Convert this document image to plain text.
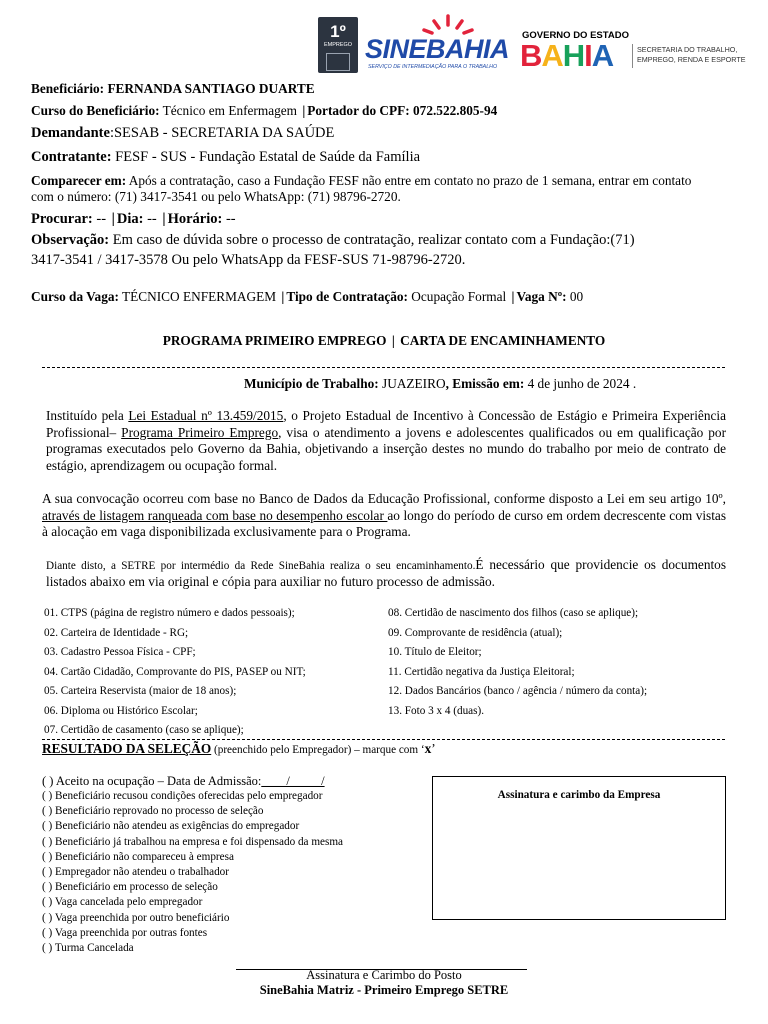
1º
EMPREGO SINEBAHIA
SERVIÇO DE INTERMEDIAÇÃO PARA O TRABALHO
GOVERNO DO ESTADO
BAHIA	SECRETARIA DO TRABALHO,
EMPREGO, RENDA E ESPORTE
Beneficiário: FERNANDA SANTIAGO DUARTE
Curso do Beneficiário: Técnico em Enfermagem | Portador do CPF: 072.522.805-94
Demandante:SESAB - SECRETARIA DA SAÚDE
Contratante: FESF - SUS - Fundação Estatal de Saúde da Família
Comparecer em: Após a contratação, caso a Fundação FESF não entre em contato no prazo de 1 semana, entrar em contato
com o número: (71) 3417-3541 ou pelo WhatsApp: (71) 98796-2720.
Procurar: -- | Dia: -- | Horário: --
Observação: Em caso de dúvida sobre o processo de contratação, realizar contato com a Fundação:(71)
3417-3541 / 3417-3578 Ou pelo WhatsApp da FESF-SUS 71-98796-2720.
Curso da Vaga: TÉCNICO ENFERMAGEM | Tipo de Contratação: Ocupação Formal | Vaga Nº: 00
PROGRAMA PRIMEIRO EMPREGO | CARTA DE ENCAMINHAMENTO
Município de Trabalho: JUAZEIRO, Emissão em: 4 de junho de 2024 .
Instituído pela Lei Estadual nº 13.459/2015, o Projeto Estadual de Incentivo à Concessão de Estágio e Primeira Experiência Profissional– Programa Primeiro Emprego, visa o atendimento a jovens e adolescentes qualificados ou em qualificação por programas executados pelo Governo da Bahia, objetivando a inserção destes no mundo do trabalho por meio de contrato de estágio, aprendizagem ou ocupação formal.
A sua convocação ocorreu com base no Banco de Dados da Educação Profissional, conforme disposto a Lei em seu artigo 10º, através de listagem ranqueada com base no desempenho escolar ao longo do período de curso em ordem decrescente com vistas à alocação em vaga disponibilizada exclusivamente para o Programa.
Diante disto, a SETRE por intermédio da Rede SineBahia realiza o seu encaminhamento.É necessário que providencie os documentos listados abaixo em via original e cópia para auxiliar no futuro processo de admissão.
01. CTPS (página de registro número e dados pessoais);
02. Carteira de Identidade - RG;
03. Cadastro Pessoa Física - CPF;
04. Cartão Cidadão, Comprovante do PIS, PASEP ou NIT;
05. Carteira Reservista (maior de 18 anos);
06. Diploma ou Histórico Escolar;
07. Certidão de casamento (caso se aplique);
08. Certidão de nascimento dos filhos (caso se aplique);
09. Comprovante de residência (atual);
10. Título de Eleitor;
11. Certidão negativa da Justiça Eleitoral;
12. Dados Bancários (banco / agência / número da conta);
13. Foto 3 x 4 (duas).
RESULTADO DA SELEÇÃO (preenchido pelo Empregador) – marque com ‘x’
( ) Aceito na ocupação – Data de Admissão:____/_____/
( ) Beneficiário recusou condições oferecidas pelo empregador
( ) Beneficiário reprovado no processo de seleção
( ) Beneficiário não atendeu as exigências do empregador
( ) Beneficiário já trabalhou na empresa e foi dispensado da mesma
( ) Beneficiário não compareceu à empresa
( ) Empregador não atendeu o trabalhador
( ) Beneficiário em processo de seleção
( ) Vaga cancelada pelo empregador
( ) Vaga preenchida por outro beneficiário
( ) Vaga preenchida por outras fontes
( ) Turma Cancelada
Assinatura e carimbo da Empresa
Assinatura e Carimbo do Posto
SineBahia Matriz - Primeiro Emprego SETRE
